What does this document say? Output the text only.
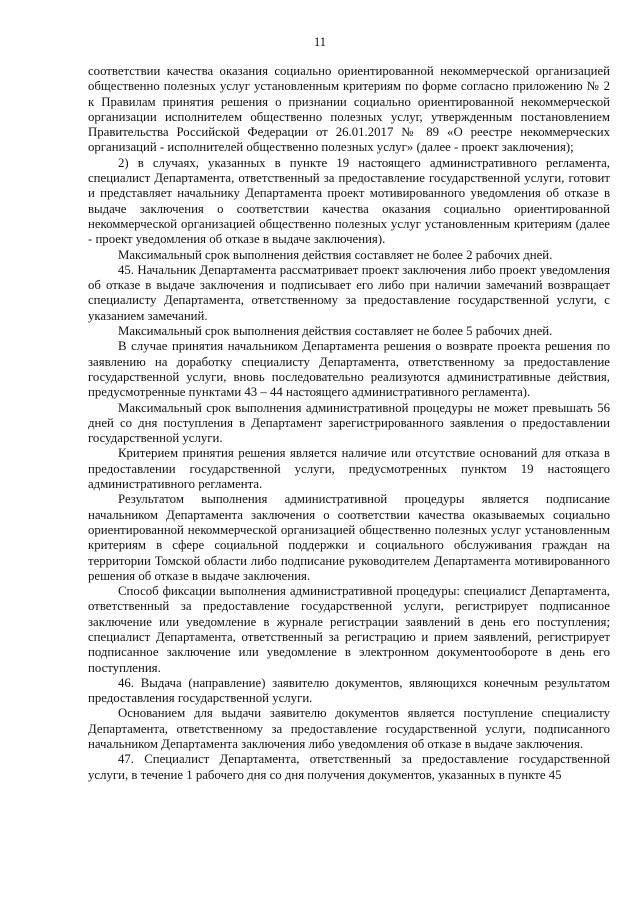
11

соответствии качества оказания социально ориентированной некоммерческой организацией общественно полезных услуг установленным критериям по форме согласно приложению № 2 к Правилам принятия решения о признании социально ориентированной некоммерческой организации исполнителем общественно полезных услуг, утвержденным постановлением Правительства Российской Федерации от 26.01.2017 № 89 «О реестре некоммерческих организаций - исполнителей общественно полезных услуг» (далее - проект заключения);

2) в случаях, указанных в пункте 19 настоящего административного регламента, специалист Департамента, ответственный за предоставление государственной услуги, готовит и представляет начальнику Департамента проект мотивированного уведомления об отказе в выдаче заключения о соответствии качества оказания социально ориентированной некоммерческой организацией общественно полезных услуг установленным критериям (далее - проект уведомления об отказе в выдаче заключения).

Максимальный срок выполнения действия составляет не более 2 рабочих дней.

45. Начальник Департамента рассматривает проект заключения либо проект уведомления об отказе в выдаче заключения и подписывает его либо при наличии замечаний возвращает специалисту Департамента, ответственному за предоставление государственной услуги, с указанием замечаний.

Максимальный срок выполнения действия составляет не более 5 рабочих дней.

В случае принятия начальником Департамента решения о возврате проекта решения по заявлению на доработку специалисту Департамента, ответственному за предоставление государственной услуги, вновь последовательно реализуются административные действия, предусмотренные пунктами 43 – 44 настоящего административного регламента).

Максимальный срок выполнения административной процедуры не может превышать 56 дней со дня поступления в Департамент зарегистрированного заявления о предоставлении государственной услуги.

Критерием принятия решения является наличие или отсутствие оснований для отказа в предоставлении государственной услуги, предусмотренных пунктом 19 настоящего административного регламента.

Результатом выполнения административной процедуры является подписание начальником Департамента заключения о соответствии качества оказываемых социально ориентированной некоммерческой организацией общественно полезных услуг установленным критериям в сфере социальной поддержки и социального обслуживания граждан на территории Томской области либо подписание руководителем Департамента мотивированного решения об отказе в выдаче заключения.

Способ фиксации выполнения административной процедуры: специалист Департамента, ответственный за предоставление государственной услуги, регистрирует подписанное заключение или уведомление в журнале регистрации заявлений в день его поступления; специалист Департамента, ответственный за регистрацию и прием заявлений, регистрирует подписанное заключение или уведомление в электронном документообороте в день его поступления.

46. Выдача (направление) заявителю документов, являющихся конечным результатом предоставления государственной услуги.

Основанием для выдачи заявителю документов является поступление специалисту Департамента, ответственному за предоставление государственной услуги, подписанного начальником Департамента заключения либо уведомления об отказе в выдаче заключения.

47. Специалист Департамента, ответственный за предоставление государственной услуги, в течение 1 рабочего дня со дня получения документов, указанных в пункте 45
